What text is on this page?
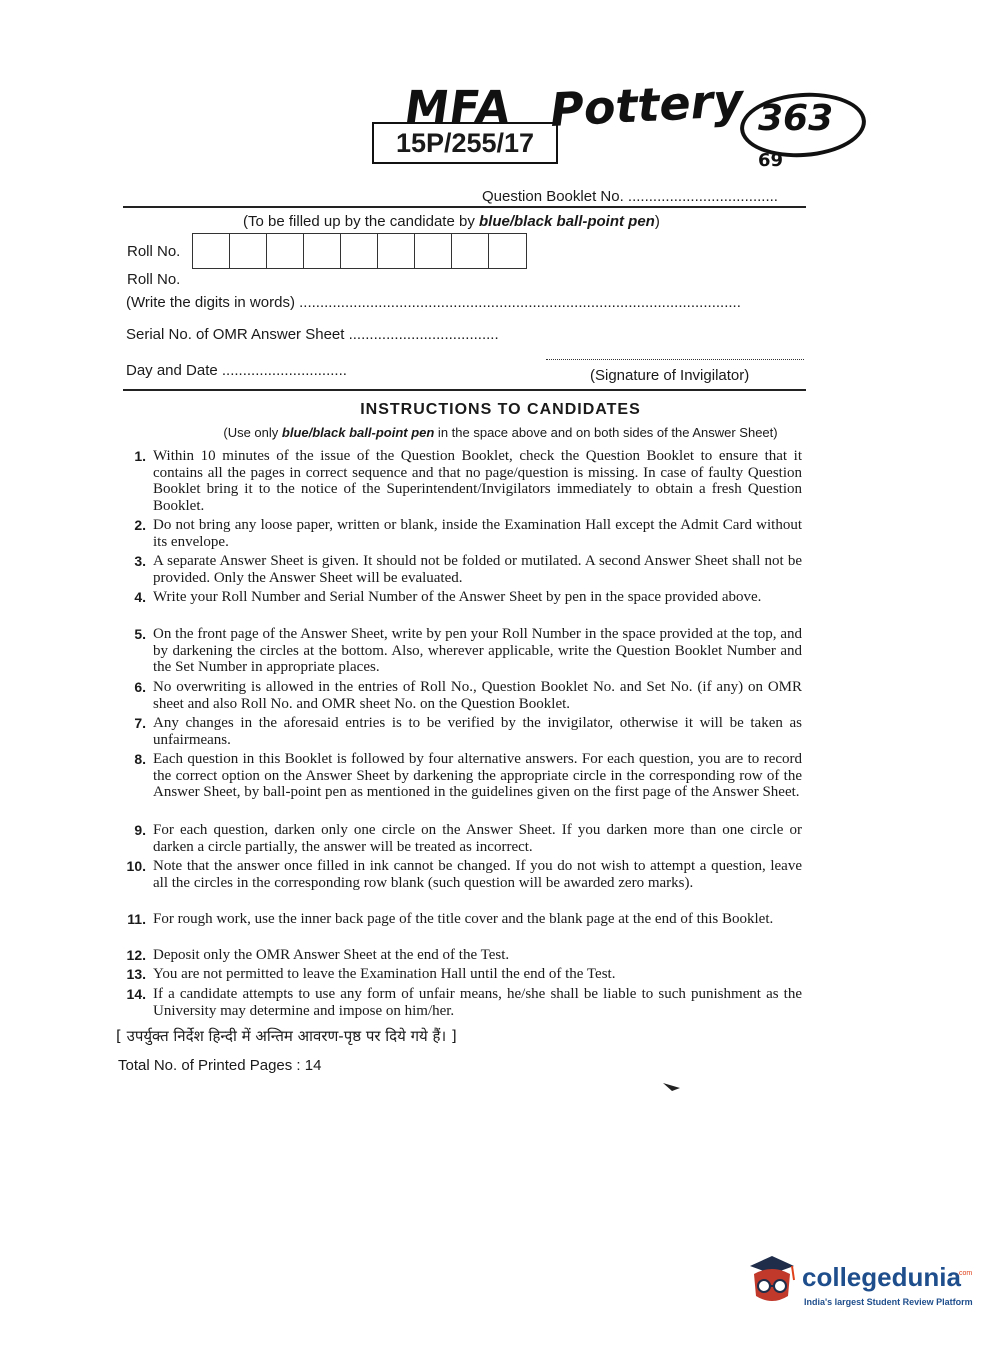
MFA Pottery 363
69
15P/255/17
Question Booklet No. ....................................
(To be filled up by the candidate by blue/black ball-point pen)
Roll No.
Roll No.
(Write the digits in words) ..........................................................................................................
Serial No. of OMR Answer Sheet ....................................
Day and Date ..............................	(Signature of Invigilator)
INSTRUCTIONS TO CANDIDATES
(Use only blue/black ball-point pen in the space above and on both sides of the Answer Sheet)
1. Within 10 minutes of the issue of the Question Booklet, check the Question Booklet to ensure that it contains all the pages in correct sequence and that no page/question is missing. In case of faulty Question Booklet bring it to the notice of the Superintendent/Invigilators immediately to obtain a fresh Question Booklet.
2. Do not bring any loose paper, written or blank, inside the Examination Hall except the Admit Card without its envelope.
3. A separate Answer Sheet is given. It should not be folded or mutilated. A second Answer Sheet shall not be provided. Only the Answer Sheet will be evaluated.
4. Write your Roll Number and Serial Number of the Answer Sheet by pen in the space provided above.
5. On the front page of the Answer Sheet, write by pen your Roll Number in the space provided at the top, and by darkening the circles at the bottom. Also, wherever applicable, write the Question Booklet Number and the Set Number in appropriate places.
6. No overwriting is allowed in the entries of Roll No., Question Booklet No. and Set No. (if any) on OMR sheet and also Roll No. and OMR sheet No. on the Question Booklet.
7. Any changes in the aforesaid entries is to be verified by the invigilator, otherwise it will be taken as unfairmeans.
8. Each question in this Booklet is followed by four alternative answers. For each question, you are to record the correct option on the Answer Sheet by darkening the appropriate circle in the corresponding row of the Answer Sheet, by ball-point pen as mentioned in the guidelines given on the first page of the Answer Sheet.
9. For each question, darken only one circle on the Answer Sheet. If you darken more than one circle or darken a circle partially, the answer will be treated as incorrect.
10. Note that the answer once filled in ink cannot be changed. If you do not wish to attempt a question, leave all the circles in the corresponding row blank (such question will be awarded zero marks).
11. For rough work, use the inner back page of the title cover and the blank page at the end of this Booklet.
12. Deposit only the OMR Answer Sheet at the end of the Test.
13. You are not permitted to leave the Examination Hall until the end of the Test.
14. If a candidate attempts to use any form of unfair means, he/she shall be liable to such punishment as the University may determine and impose on him/her.
[ उपर्युक्त निर्देश हिन्दी में अन्तिम आवरण-पृष्ठ पर दिये गये हैं। ]
Total No. of Printed Pages : 14
collegedunia
.com
India's largest Student Review Platform
